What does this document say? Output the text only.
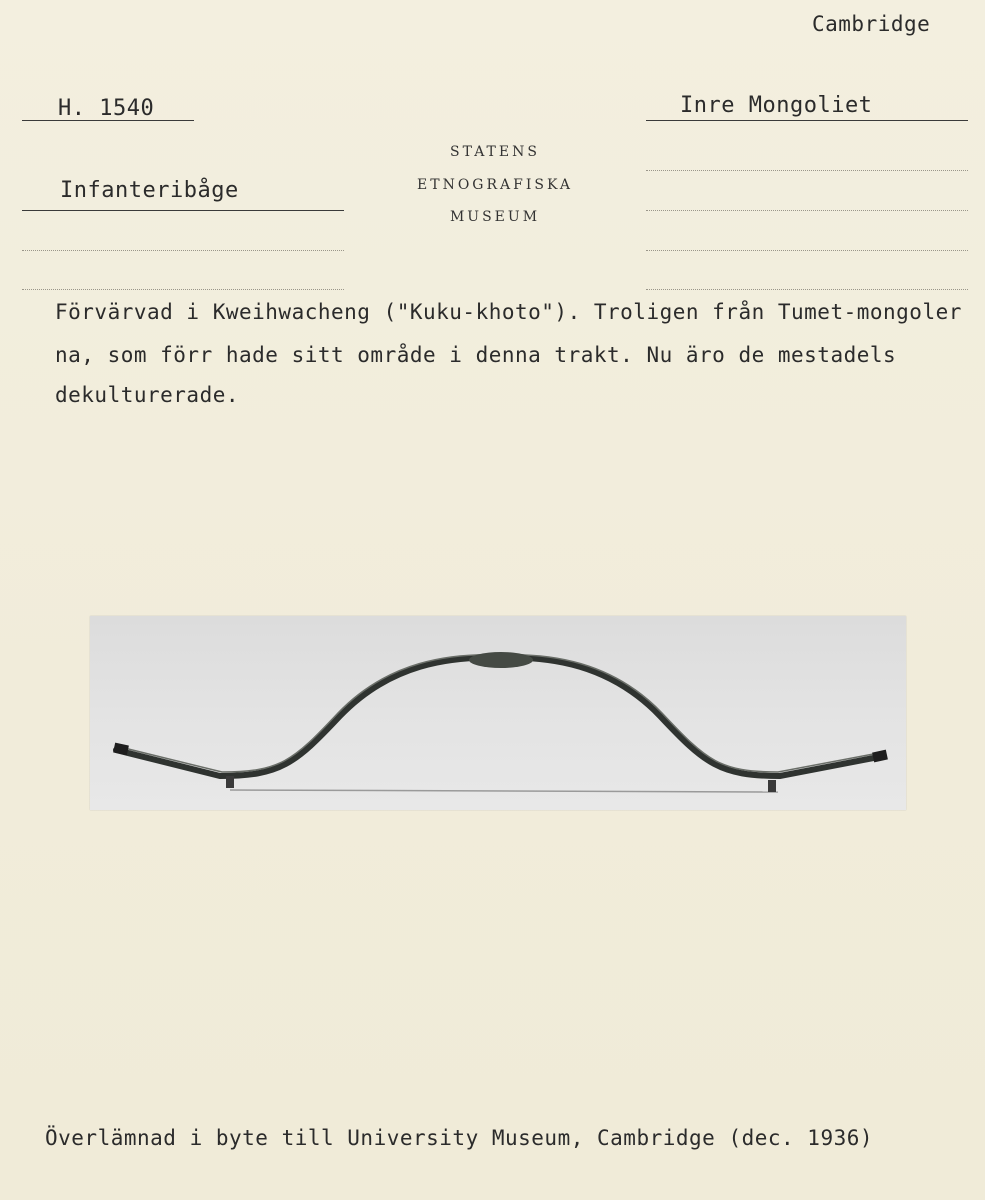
Cambridge
H. 1540	Inre Mongoliet
STATENS
ETNOGRAFISKA
MUSEUM
Infanteribåge
Förvärvad i Kweihwacheng ("Kuku-khoto"). Troligen från Tumet-mongoler
na, som förr hade sitt område i denna trakt. Nu äro de mestadels
dekulturerade.
Överlämnad i byte till University Museum, Cambridge (dec. 1936)
